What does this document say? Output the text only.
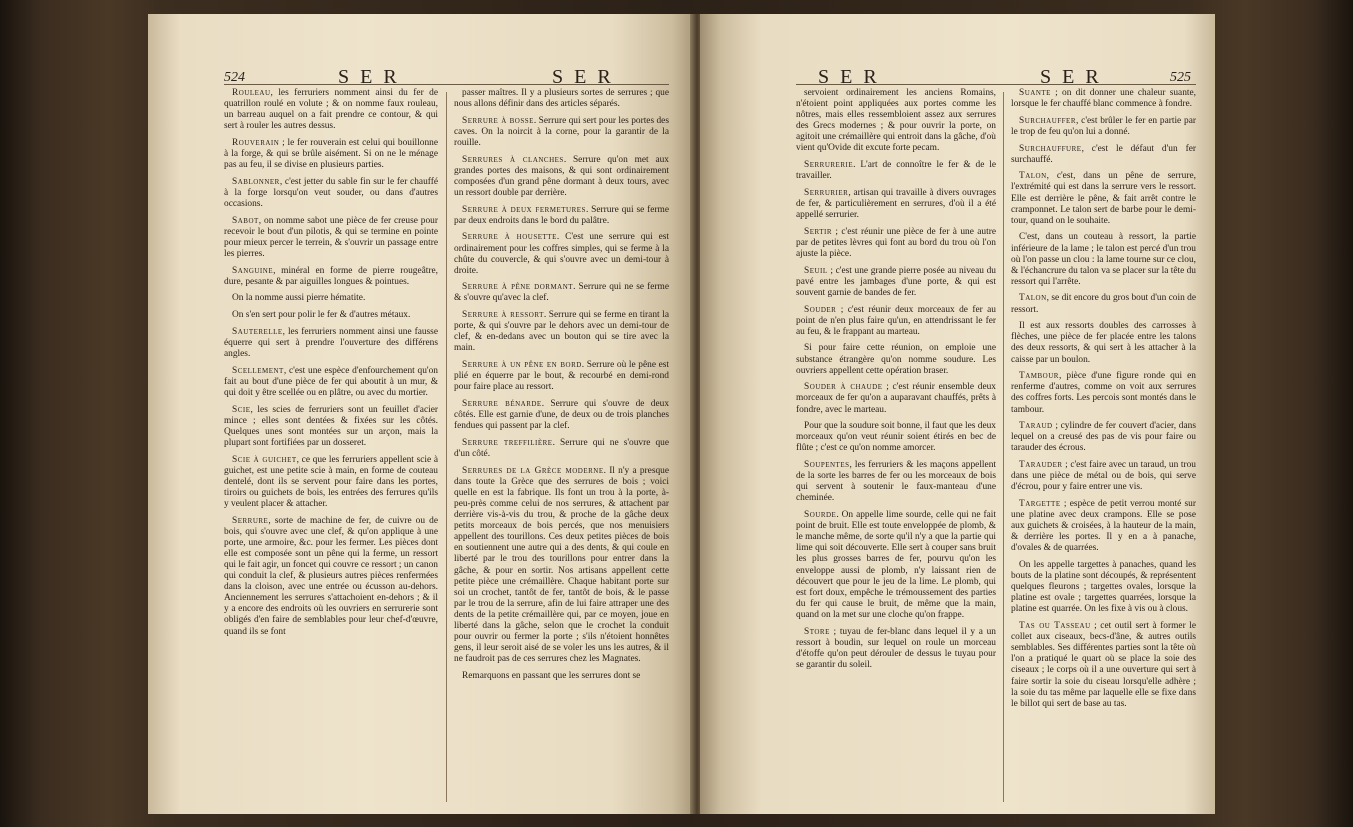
524	S E R	S E R

Rouleau, les ferruriers nomment ainsi du fer de quatrillon roulé en volute ; & on nomme faux rouleau, un barreau auquel on a fait prendre ce contour, & qui sert à rouler les autres dessus.

Rouverain ; le fer rouverain est celui qui bouillonne à la forge, & qui se brûle aisément. Si on ne le ménage pas au feu, il se divise en plusieurs parties.

Sablonner, c'est jetter du sable fin sur le fer chauffé à la forge lorsqu'on veut souder, ou dans d'autres occasions.

Sabot, on nomme sabot une pièce de fer creuse pour recevoir le bout d'un pilotis, & qui se termine en pointe pour mieux percer le terrein, & s'ouvrir un passage entre les pierres.

Sanguine, minéral en forme de pierre rougeâtre, dure, pesante & par aiguilles longues & pointues.

On la nomme aussi pierre hématite.

On s'en sert pour polir le fer & d'autres métaux.

Sauterelle, les ferruriers nomment ainsi une fausse équerre qui sert à prendre l'ouverture des différens angles.

Scellement, c'est une espèce d'enfourchement qu'on fait au bout d'une pièce de fer qui aboutit à un mur, & qui doit y être scellée ou en plâtre, ou avec du mortier.

Scie, les scies de ferruriers sont un feuillet d'acier mince ; elles sont dentées & fixées sur les côtés. Quelques unes sont montées sur un arçon, mais la plupart sont fortifiées par un dosseret.

Scie à guichet, ce que les ferruriers appellent scie à guichet, est une petite scie à main, en forme de couteau dentelé, dont ils se servent pour faire dans les portes, tiroirs ou guichets de bois, les entrées des ferrures qu'ils y veulent placer & attacher.

Serrure, sorte de machine de fer, de cuivre ou de bois, qui s'ouvre avec une clef, & qu'on applique à une porte, une armoire, &c. pour les fermer. Les pièces dont elle est composée sont un pêne qui la ferme, un ressort qui le fait agir, un foncet qui couvre ce ressort ; un canon qui conduit la clef, & plusieurs autres pièces renfermées dans la cloison, avec une entrée ou écusson au-dehors. Anciennement les serrures s'attachoient en-dehors ; & il y a encore des endroits où les ouvriers en serrurerie sont obligés d'en faire de semblables pour leur chef-d'œuvre, quand ils se font

passer maîtres. Il y a plusieurs sortes de serrures ; que nous allons définir dans des articles séparés.

Serrure à bosse. Serrure qui sert pour les portes des caves. On la noircit à la corne, pour la garantir de la rouille.

Serrures à clanches. Serrure qu'on met aux grandes portes des maisons, & qui sont ordinairement composées d'un grand pêne dormant à deux tours, avec un ressort double par derrière.

Serrure à deux fermetures. Serrure qui se ferme par deux endroits dans le bord du palâtre.

Serrure à housette. C'est une serrure qui est ordinairement pour les coffres simples, qui se ferme à la chûte du couvercle, & qui s'ouvre avec un demi-tour à droite.

Serrure à pêne dormant. Serrure qui ne se ferme & s'ouvre qu'avec la clef.

Serrure à ressort. Serrure qui se ferme en tirant la porte, & qui s'ouvre par le dehors avec un demi-tour de clef, & en-dedans avec un bouton qui se tire avec la main.

Serrure à un pêne en bord. Serrure où le pêne est plié en équerre par le bout, & recourbé en demi-rond pour faire place au ressort.

Serrure bénarde. Serrure qui s'ouvre de deux côtés. Elle est garnie d'une, de deux ou de trois planches fendues qui passent par la clef.

Serrure treffilière. Serrure qui ne s'ouvre que d'un côté.

Serrures de la Grèce moderne. Il n'y a presque dans toute la Grèce que des serrures de bois ; voici quelle en est la fabrique. Ils font un trou à la porte, à-peu-près comme celui de nos serrures, & attachent par derrière vis-à-vis du trou, & proche de la gâche deux petits morceaux de bois percés, que nos menuisiers appellent des tourillons. Ces deux petites pièces de bois en soutiennent une autre qui a des dents, & qui coule en liberté par le trou des tourillons pour entrer dans la gâche, & pour en sortir. Nos artisans appellent cette petite pièce une crémaillère. Chaque habitant porte sur soi un crochet, tantôt de fer, tantôt de bois, & le passe par le trou de la serrure, afin de lui faire attraper une des dents de la petite crémaillère qui, par ce moyen, joue en liberté dans la gâche, selon que le crochet la conduit pour ouvrir ou fermer la porte ; s'ils n'étoient honnêtes gens, il leur seroit aisé de se voler les uns les autres, & il ne faudroit pas de ces serrures chez les Magnates.

Remarquons en passant que les serrures dont se

S E R	S E R	525

servoient ordinairement les anciens Romains, n'étoient point appliquées aux portes comme les nôtres, mais elles ressembloient assez aux serrures des Grecs modernes ; & pour ouvrir la porte, on agitoit une crémaillère qui entroit dans la gâche, d'où vient qu'Ovide dit excute forte pecam.

Serrurerie. L'art de connoître le fer & de le travailler.

Serrurier, artisan qui travaille à divers ouvrages de fer, & particulièrement en serrures, d'où il a été appellé serrurier.

Sertir ; c'est réunir une pièce de fer à une autre par de petites lèvres qui font au bord du trou où l'on ajuste la pièce.

Seuil ; c'est une grande pierre posée au niveau du pavé entre les jambages d'une porte, & qui est souvent garnie de bandes de fer.

Souder ; c'est réunir deux morceaux de fer au point de n'en plus faire qu'un, en attendrissant le fer au feu, & le frappant au marteau.

Si pour faire cette réunion, on emploie une substance étrangère qu'on nomme soudure. Les ouvriers appellent cette opération braser.

Souder à chaude ; c'est réunir ensemble deux morceaux de fer qu'on a auparavant chauffés, prêts à fondre, avec le marteau.

Pour que la soudure soit bonne, il faut que les deux morceaux qu'on veut réunir soient étirés en bec de flûte ; c'est ce qu'on nomme amorcer.

Soupentes, les ferruriers & les maçons appellent de la sorte les barres de fer ou les morceaux de bois qui servent à soutenir le faux-manteau d'une cheminée.

Sourde. On appelle lime sourde, celle qui ne fait point de bruit. Elle est toute enveloppée de plomb, & le manche même, de sorte qu'il n'y a que la partie qui lime qui soit découverte. Elle sert à couper sans bruit les plus grosses barres de fer, pourvu qu'on les enveloppe aussi de plomb, n'y laissant rien de découvert que pour le jeu de la lime. Le plomb, qui est fort doux, empêche le trémoussement des parties du fer qui cause le bruit, de même que la main, quand on la met sur une cloche qu'on frappe.

Store ; tuyau de fer-blanc dans lequel il y a un ressort à boudin, sur lequel on roule un morceau d'étoffe qu'on peut dérouler de dessus le tuyau pour se garantir du soleil.

Suante ; on dit donner une chaleur suante, lorsque le fer chauffé blanc commence à fondre.

Surchauffer, c'est brûler le fer en partie par le trop de feu qu'on lui a donné.

Surchauffure, c'est le défaut d'un fer surchauffé.

Talon, c'est, dans un pêne de serrure, l'extrémité qui est dans la serrure vers le ressort. Elle est derrière le pêne, & fait arrêt contre le cramponnet. Le talon sert de barbe pour le demi-tour, quand on le souhaite.

C'est, dans un couteau à ressort, la partie inférieure de la lame ; le talon est percé d'un trou où l'on passe un clou : la lame tourne sur ce clou, & l'échancrure du talon va se placer sur la tête du ressort qui l'arrête.

Talon, se dit encore du gros bout d'un coin de ressort.

Il est aux ressorts doubles des carrosses à flèches, une pièce de fer placée entre les talons des deux ressorts, & qui sert à les attacher à la caisse par un boulon.

Tambour, pièce d'une figure ronde qui en renferme d'autres, comme on voit aux serrures des coffres forts. Les percois sont montés dans le tambour.

Taraud ; cylindre de fer couvert d'acier, dans lequel on a creusé des pas de vis pour faire ou tarauder des écrous.

Tarauder ; c'est faire avec un taraud, un trou dans une pièce de métal ou de bois, qui serve d'écrou, pour y faire entrer une vis.

Targette ; espèce de petit verrou monté sur une platine avec deux crampons. Elle se pose aux guichets & croisées, à la hauteur de la main, & derrière les portes. Il y en a à panache, d'ovales & de quarrées.

On les appelle targettes à panaches, quand les bouts de la platine sont découpés, & représentent quelques fleurons ; targettes ovales, lorsque la platine est ovale ; targettes quarrées, lorsque la platine est quarrée. On les fixe à vis ou à clous.

Tas ou Tasseau ; cet outil sert à former le collet aux ciseaux, becs-d'âne, & autres outils semblables. Ses différentes parties sont la tête où l'on a pratiqué le quart où se place la soie des ciseaux ; le corps où il a une ouverture qui sert à faire sortir la soie du ciseau lorsqu'elle adhère ; la soie du tas même par laquelle elle se fixe dans le billot qui sert de base au tas.
